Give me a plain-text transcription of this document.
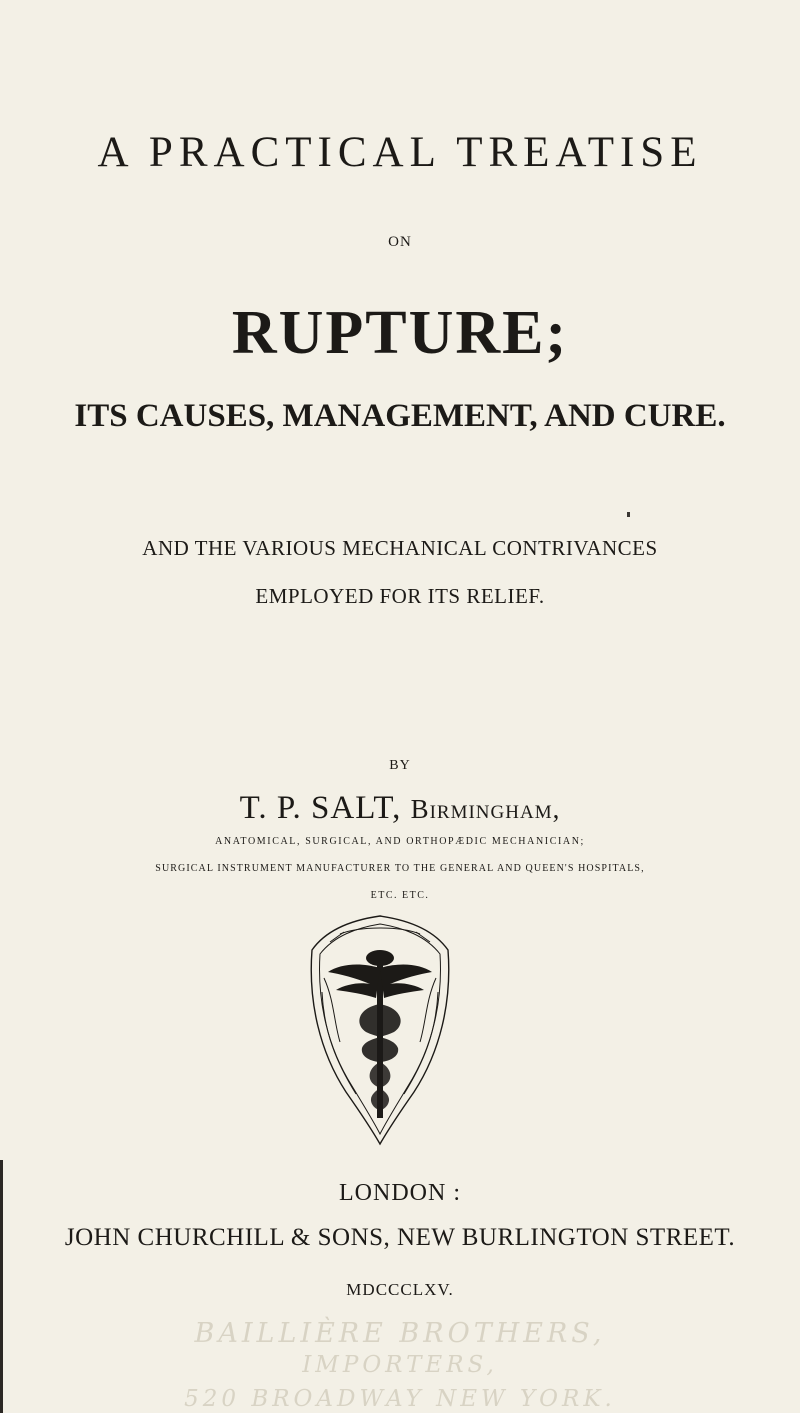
A PRACTICAL TREATISE
ON
RUPTURE;
ITS CAUSES, MANAGEMENT, AND CURE.
AND THE VARIOUS MECHANICAL CONTRIVANCES
EMPLOYED FOR ITS RELIEF.
BY
T. P. SALT, Birmingham,
ANATOMICAL, SURGICAL, AND ORTHOPÆDIC MECHANICIAN;
SURGICAL INSTRUMENT MANUFACTURER TO THE GENERAL AND QUEEN'S HOSPITALS,
ETC. ETC.
LONDON :
JOHN CHURCHILL & SONS, NEW BURLINGTON STREET.
MDCCCLXV.
BAILLIÈRE BROTHERS,
IMPORTERS,
520 BROADWAY NEW YORK.
